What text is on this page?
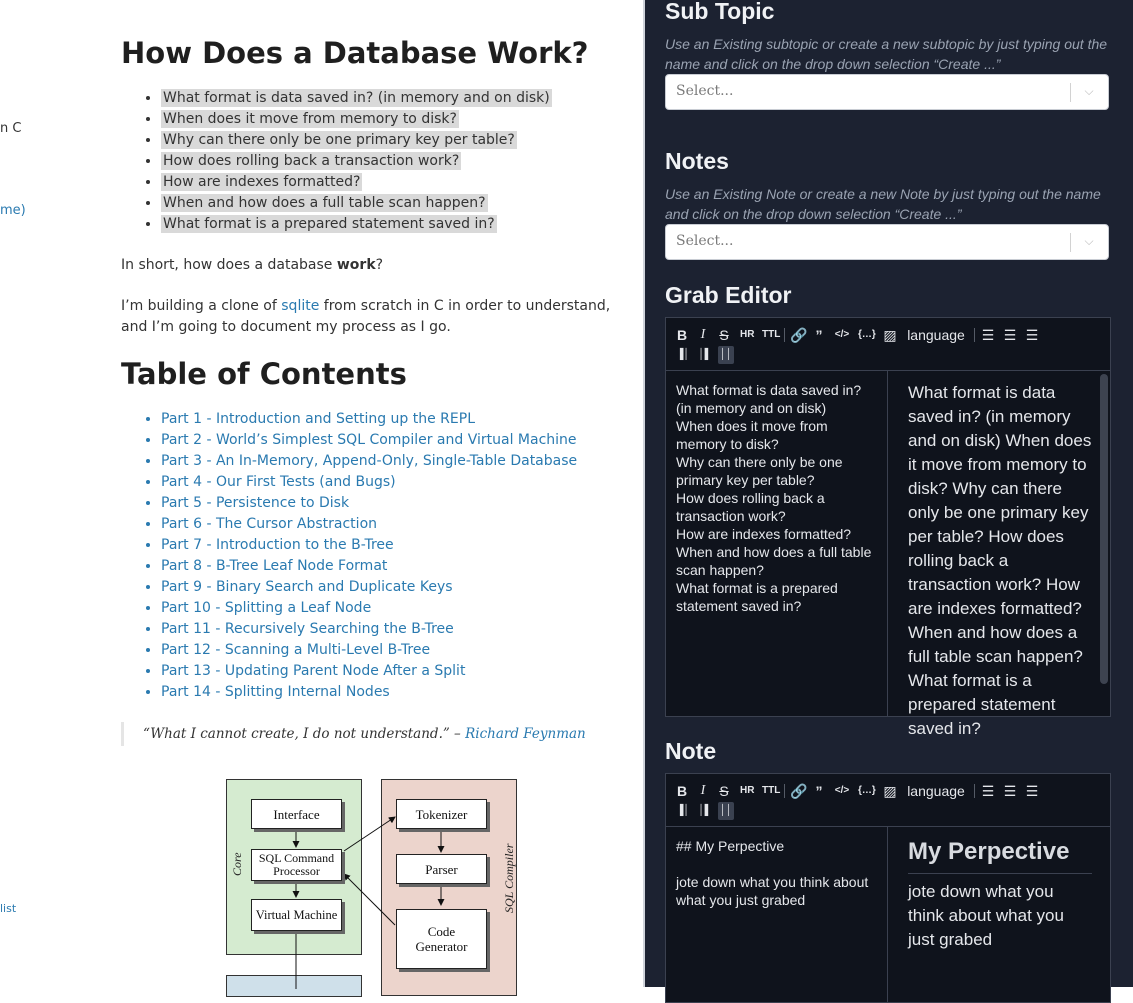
n C
me)
list
How Does a Database Work?
• What format is data saved in? (in memory and on disk)
• When does it move from memory to disk?
• Why can there only be one primary key per table?
• How does rolling back a transaction work?
• How are indexes formatted?
• When and how does a full table scan happen?
• What format is a prepared statement saved in?

In short, how does a database work?

I’m building a clone of sqlite from scratch in C in order to understand, and I’m going to document my process as I go.

Table of Contents
• Part 1 - Introduction and Setting up the REPL
• Part 2 - World’s Simplest SQL Compiler and Virtual Machine
• Part 3 - An In-Memory, Append-Only, Single-Table Database
• Part 4 - Our First Tests (and Bugs)
• Part 5 - Persistence to Disk
• Part 6 - The Cursor Abstraction
• Part 7 - Introduction to the B-Tree
• Part 8 - B-Tree Leaf Node Format
• Part 9 - Binary Search and Duplicate Keys
• Part 10 - Splitting a Leaf Node
• Part 11 - Recursively Searching the B-Tree
• Part 12 - Scanning a Multi-Level B-Tree
• Part 13 - Updating Parent Node After a Split
• Part 14 - Splitting Internal Nodes

“What I cannot create, I do not understand.” – Richard Feynman

Core	SQL Compiler
Interface
SQL Command
Processor
Virtual Machine
Tokenizer
Parser
Code
Generator
Sub Topic
Use an Existing subtopic or create a new subtopic by just typing out the name and click on the drop down selection “Create ...”
Select...	⌵
Notes
Use an Existing Note or create a new Note by just typing out the name and click on the drop down selection “Create ...”
Select...	⌵
Grab Editor
B I S HR TTL 🔗 ”	</> {…} ▨ language ☰ ☰ ☰
▐│ │▌ ││
What format is data saved in?
(in memory and on disk)
When does it move from
memory to disk?
Why can there only be one
primary key per table?
How does rolling back a
transaction work?
How are indexes formatted?
When and how does a full table
scan happen?
What format is a prepared
statement saved in?
What format is data saved in? (in memory and on disk) When does it move from memory to disk? Why can there only be one primary key per table? How does rolling back a transaction work? How are indexes formatted? When and how does a full table scan happen? What format is a prepared statement saved in?
Note
B I S HR TTL 🔗 ”	</> {…} ▨ language ☰ ☰ ☰
▐│ │▌ ││
## My Perpective

jote down what you think about what you just grabed
My Perpective
jote down what you think about what you just grabed
